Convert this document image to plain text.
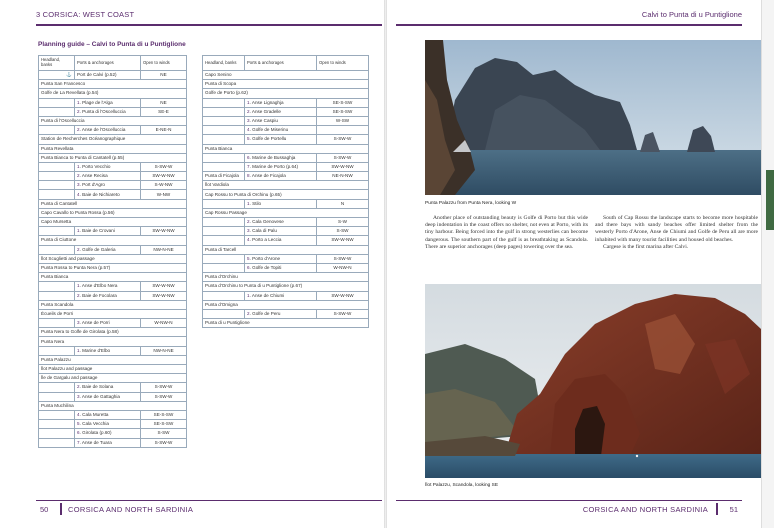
3 CORSICA: WEST COAST
Planning guide – Calvi to Punta di u Puntiglione
Headland, banks	Ports & anchorages	Open to winds
⚓	Port de Calvi (p.52)	NE
Punta San Francesco		
Golfe de La Revellata (p.54)		
	1. Plage de l'Alga	NE
	2. Punta di l'Oscelluccia	SE-E
Punta di l'Oscelluccia		
	2. Anse de l'Oscelluccia	E-NE-N
Station de Recherches Océanographique		
Punta Revellata		
Punta Bianca to Punta di Cantatell (p.55)		
	1. Porto Vecchio	S-SW-W
	2. Anse Recisa	SW-W-NW
	3. Port d'Agro	S-W-NW
	4. Baie de Nichiareto	W-NW
Punta di Cantatell		
Capo Cavallo to Punta Rossa (p.56)		
Capo Mursetta		
	1. Baie de Crovani	SW-W-NW
Punta di Ciuttone		
	2. Golfe de Galeria	NW-N-NE
Îlot Scuglietti and passage		
Punta Rossa to Punta Nera (p.57)		
Punta Bianca		
	1. Anse d'Elbo Nera	SW-W-NW
	2. Baie de Focolara	SW-W-NW
Punta Scandola		
Écueils de Porri		
	3. Anse de Porri	W-NW-N
Punta Nera to Golfe de Girolata (p.58)		
Punta Nera		
	1. Marine d'Elbo	NW-N-NE
Punta Palazzu		
Îlot Palazzu and passage		
Île de Gargalu and passage		
	2. Baie de Solana	S-SW-W
	3. Anse de Gattaghia	S-SW-W
Punta Muchilina		
	4. Cala Muretta	SE-S-SW
	5. Cala Vecchia	SE-S-SW
	6. Girolata (p.60)	S-SW
	7. Anse de Tuara	S-SW-W
Headland, banks	Ports & anchorages	Open to winds
Capo Senino		
Punta di Scopa		
Golfe de Porto (p.62)		
	1. Anse Lignaghja	SE-S-SW
	2. Anse Gradelle	SE-S-SW
	3. Anse Caspiu	W-SW
	4. Golfe de Miserinu	
	5. Golfe de Portellu	S-SW-W
Punta Bianca		
	6. Marine de Bussaghja	S-SW-W
	7. Marine de Porto (p.64)	SW-W-NW
Punta di Ficajola	8. Anse de Ficajola	NE-N-NW
Îlot Vardiola		
Cap Rossu to Punta di Orchinu (p.65)		
	1. Stilo	N
Cap Rossu Passage		
	2. Cala Genovese	S-W
	3. Cala di Palu	S-SW
	4. Porto a Leccia	SW-W-NW
Punta di Tarcell		
	5. Porto d'Arone	S-SW-W
	6. Golfe de Topiti	W-NW-N
Punta d'Orchinu		
Punta d'Orchinu to Punta di u Puntiglione (p.67)		
	1. Anse de Chiumi	SW-W-NW
Punta d'Omigna		
	2. Golfe de Peru	S-SW-W
Punta di u Puntiglione		
50	CORSICA AND NORTH SARDINIA
Calvi to Punta di u Puntiglione
Punta Palazzu from Punta Nera, looking W

Another place of outstanding beauty is Golfe di Porto but this wide deep indentation in the coast offers no shelter, not even at Porto, with its tiny harbour. Being forced into the gulf in strong westerlies can become dangerous. The southern part of the gulf is as breathtaking as Scandola. There are superior anchorages (deep pages) towering over the sea.

South of Cap Rossu the landscape starts to become more hospitable and there bays with sandy beaches offer limited shelter from the westerly Porto d'Arone, Anse de Chiumi and Golfe de Peru all are more inhabited with many tourist facilities and housed old beaches.

Cargese is the first marina after Calvi.

Îlot Palazzu, Scandola, looking SE
CORSICA AND NORTH SARDINIA	51
